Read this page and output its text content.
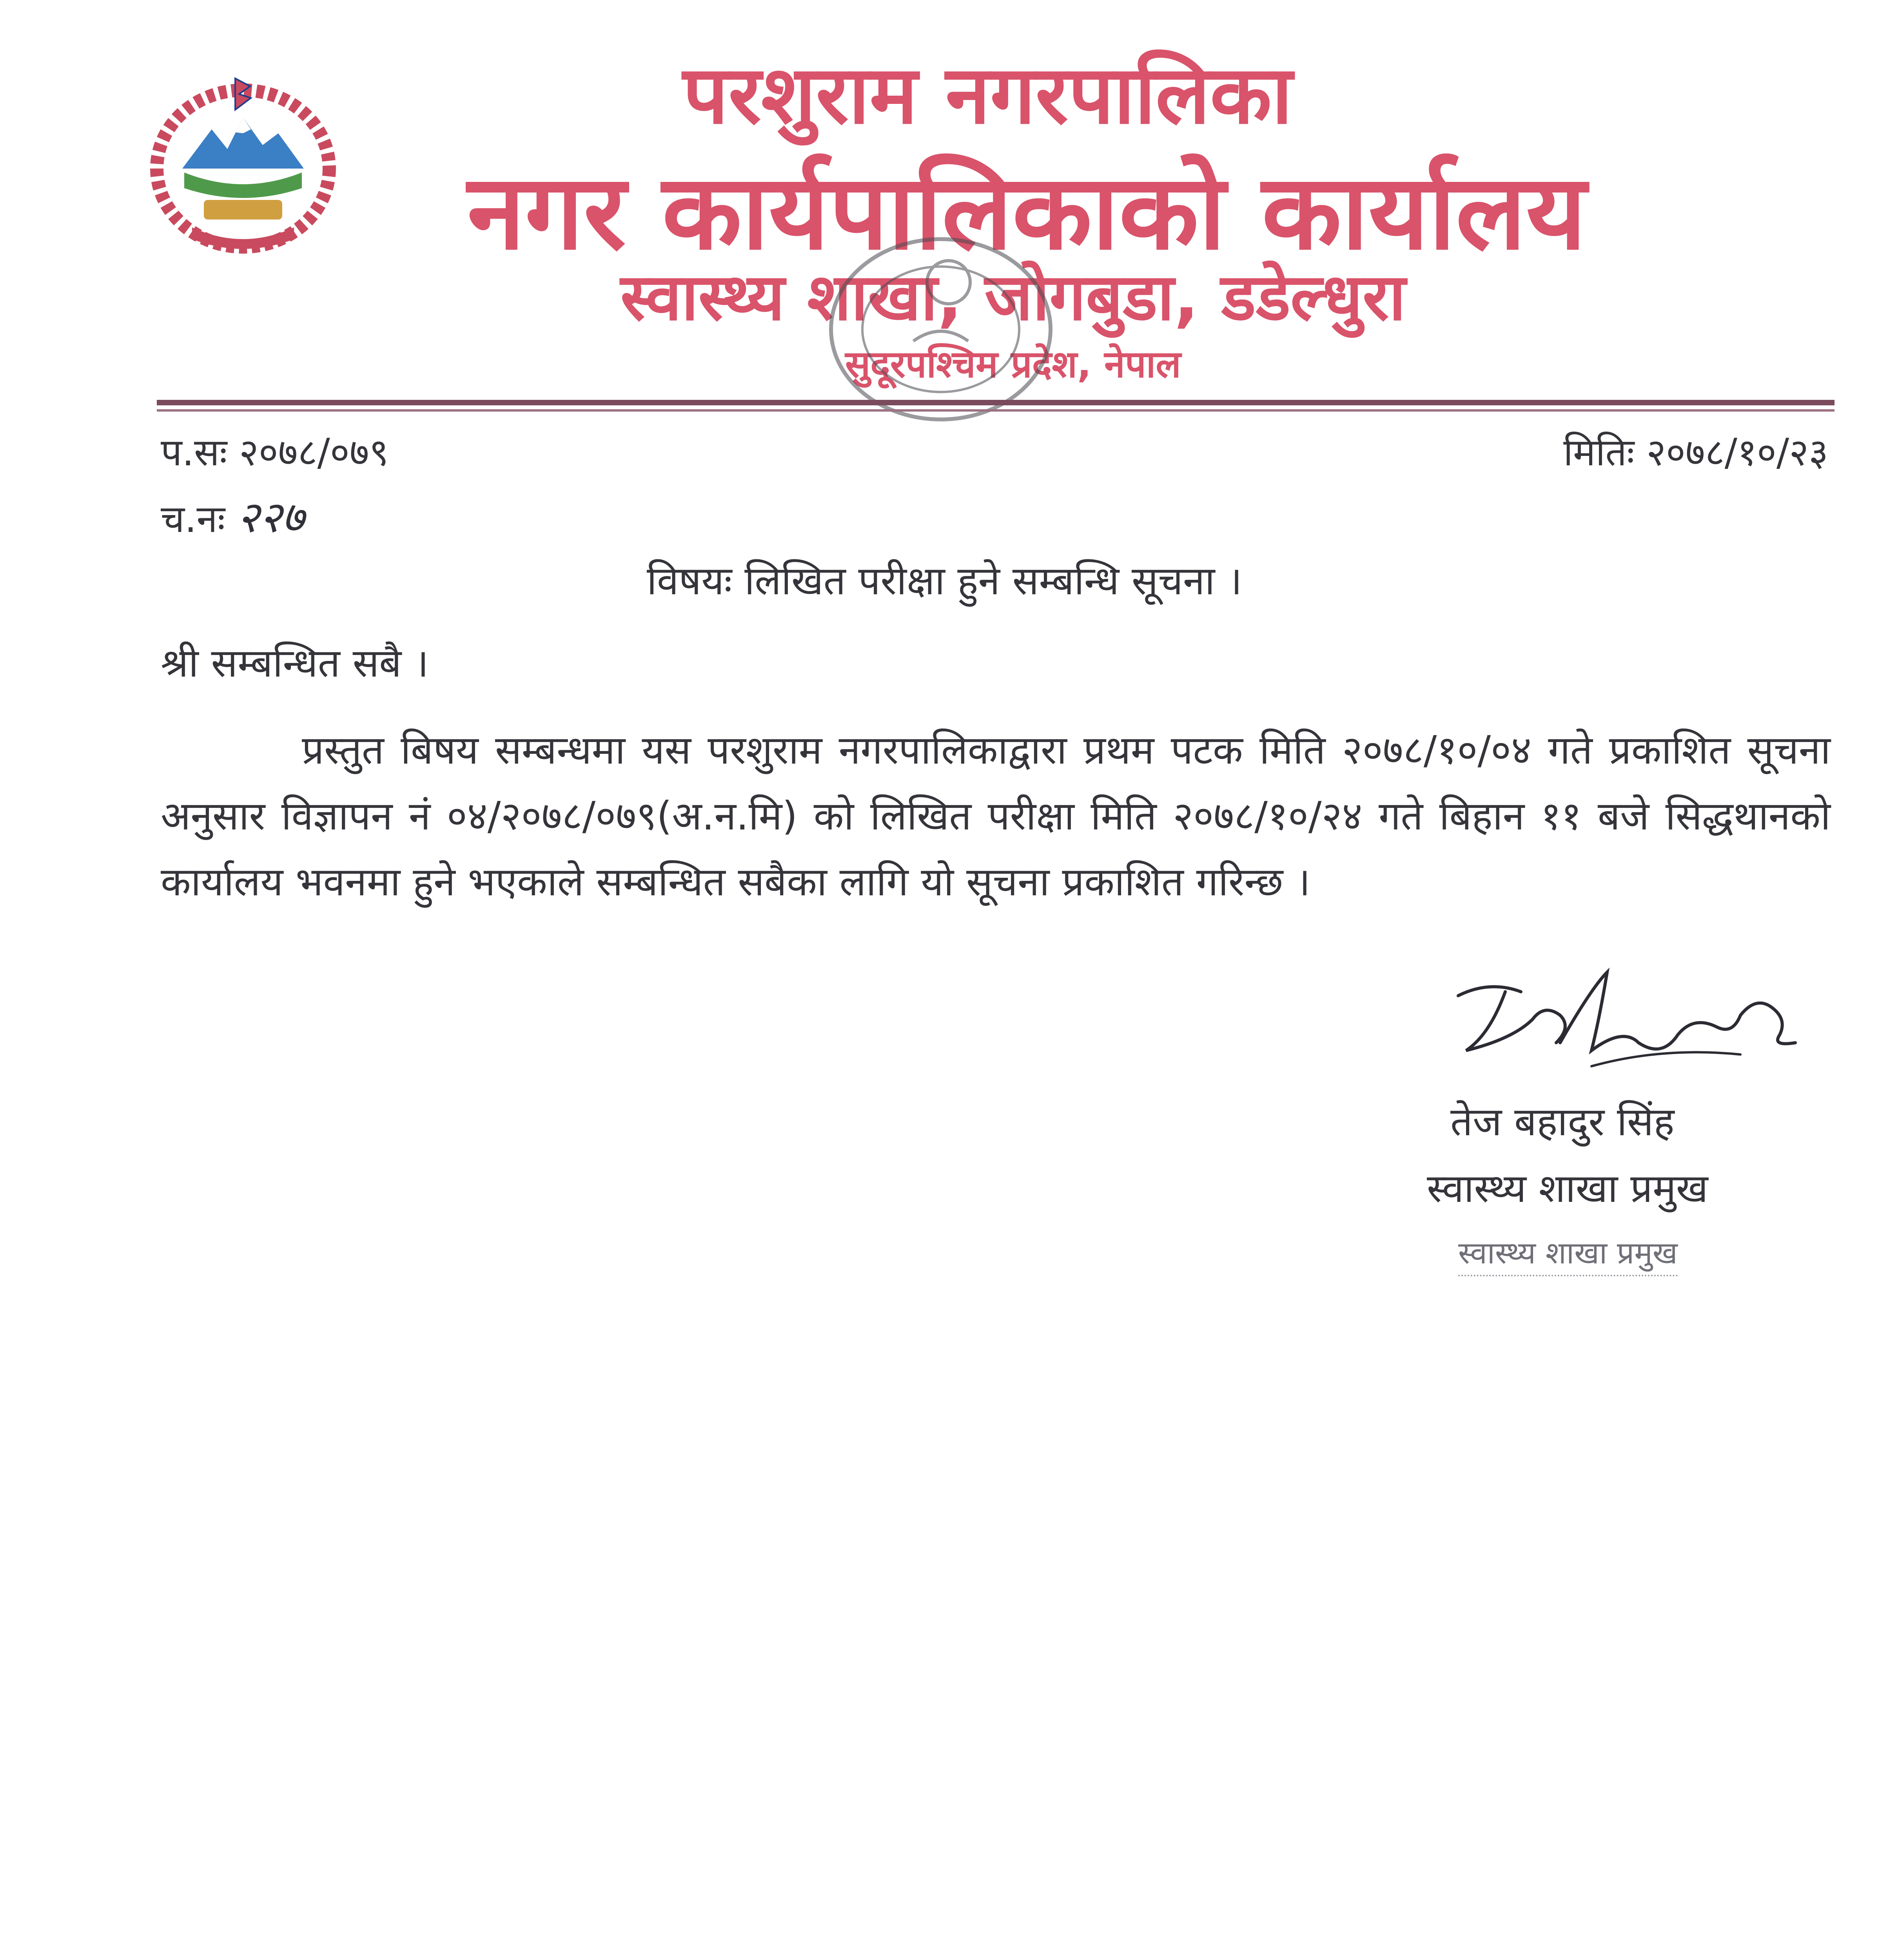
परशुराम नगरपालिका
नगर कार्यपालिकाको कार्यालय
स्वास्थ्य शाखा, जोगबुडा, डडेल्धुरा
सुदूरपश्चिम प्रदेश, नेपाल
प.सः २०७८/०७९	मितिः २०७८/१०/२३
च.नः २२७
विषयः लिखित परीक्षा हुने सम्बन्धि सूचना ।
श्री सम्बन्धित सबै ।

प्रस्तुत बिषय सम्बन्धमा यस परशुराम नगरपालिकाद्वारा प्रथम पटक मिति २०७८/१०/०४ गते प्रकाशित सूचना अनुसार विज्ञापन नं ०४/२०७८/०७९(अ.न.मि) को लिखित परीक्षा मिति २०७८/१०/२४ गते बिहान ११ बजे सिद्धथानको कार्यालय भवनमा हुने भएकाले सम्बन्धित सबैका लागि यो सूचना प्रकाशित गरिन्छ ।

तेज बहादुर सिंह
स्वास्थ्य शाखा प्रमुख
स्वास्थ्य शाखा प्रमुख
